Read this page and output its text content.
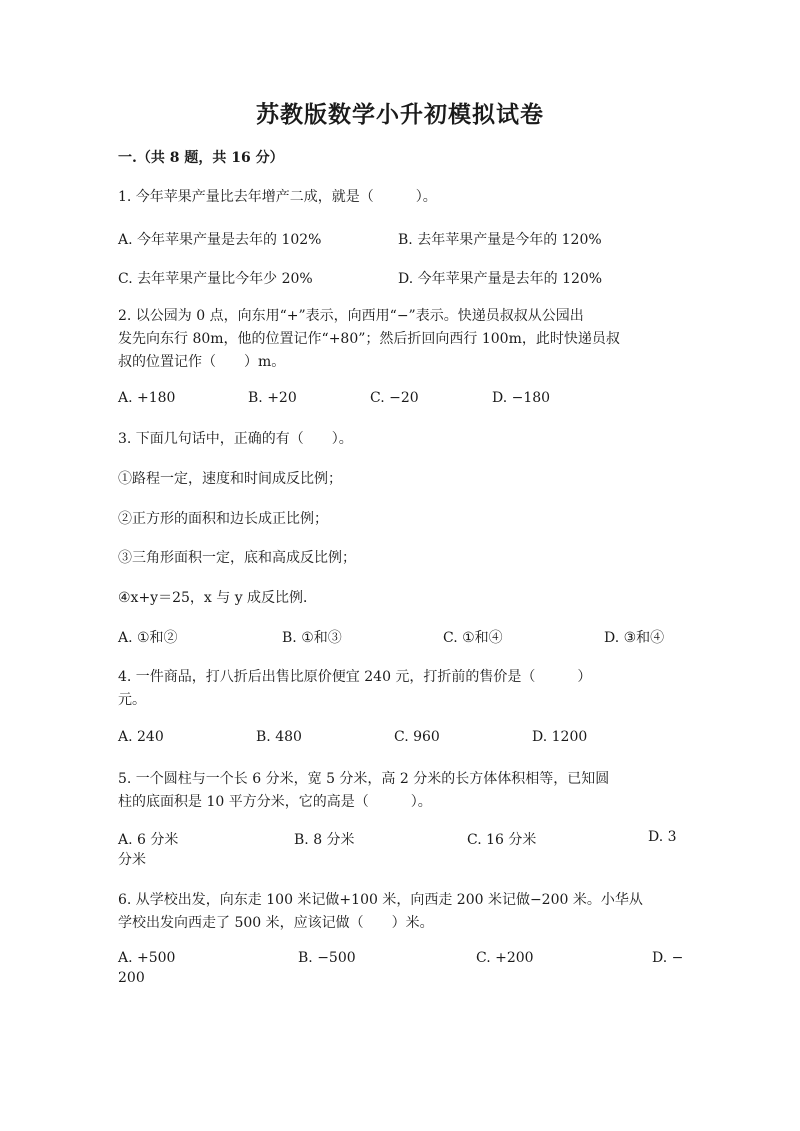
苏教版数学小升初模拟试卷
一.（共 8 题，共 16 分）
1. 今年苹果产量比去年增产二成，就是（　　　）。
A. 今年苹果产量是去年的 102%	B. 去年苹果产量是今年的 120%
C. 去年苹果产量比今年少 20%	D. 今年苹果产量是去年的 120%
2. 以公园为 0 点，向东用“+”表示，向西用“−”表示。快递员叔叔从公园出
发先向东行 80m，他的位置记作“+80”；然后折回向西行 100m，此时快递员叔
叔的位置记作（　　）m。
A. +180	B. +20	C. −20	D. −180
3. 下面几句话中，正确的有（　　）。
①路程一定，速度和时间成反比例；
②正方形的面积和边长成正比例；
③三角形面积一定，底和高成反比例；
④x+y＝25，x 与 y 成反比例．
A. ①和②	B. ①和③	C. ①和④	D. ③和④
4. 一件商品，打八折后出售比原价便宜 240 元，打折前的售价是（　　　）
元。
A. 240	B. 480	C. 960	D. 1200
5. 一个圆柱与一个长 6 分米，宽 5 分米，高 2 分米的长方体体积相等，已知圆
柱的底面积是 10 平方分米，它的高是（　　　）。
A. 6 分米	B. 8 分米	C. 16 分米	D. 3
分米
6. 从学校出发，向东走 100 米记做+100 米，向西走 200 米记做−200 米。小华从
学校出发向西走了 500 米，应该记做（　　）米。
A. +500	B. −500	C. +200	D. −
200
